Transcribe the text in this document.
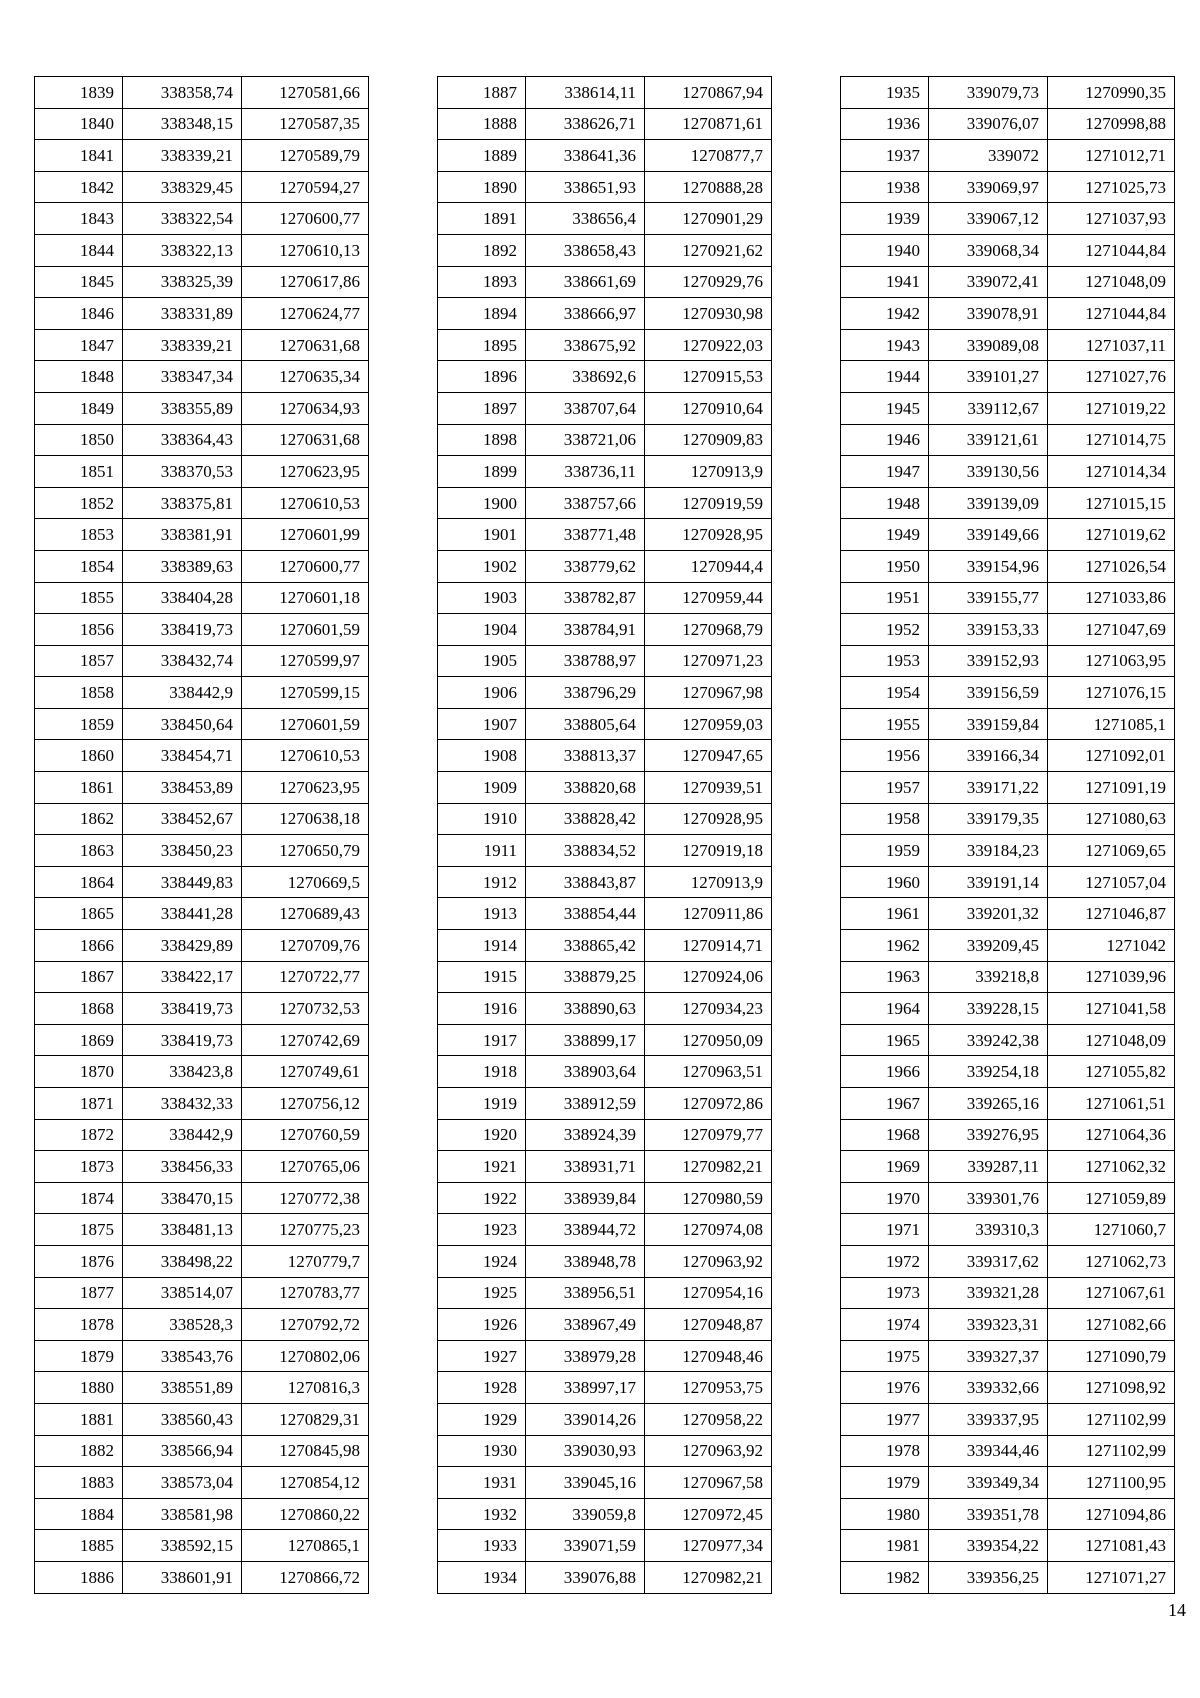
1839	338358,74	1270581,66
1840	338348,15	1270587,35
1841	338339,21	1270589,79
1842	338329,45	1270594,27
1843	338322,54	1270600,77
1844	338322,13	1270610,13
1845	338325,39	1270617,86
1846	338331,89	1270624,77
1847	338339,21	1270631,68
1848	338347,34	1270635,34
1849	338355,89	1270634,93
1850	338364,43	1270631,68
1851	338370,53	1270623,95
1852	338375,81	1270610,53
1853	338381,91	1270601,99
1854	338389,63	1270600,77
1855	338404,28	1270601,18
1856	338419,73	1270601,59
1857	338432,74	1270599,97
1858	338442,9	1270599,15
1859	338450,64	1270601,59
1860	338454,71	1270610,53
1861	338453,89	1270623,95
1862	338452,67	1270638,18
1863	338450,23	1270650,79
1864	338449,83	1270669,5
1865	338441,28	1270689,43
1866	338429,89	1270709,76
1867	338422,17	1270722,77
1868	338419,73	1270732,53
1869	338419,73	1270742,69
1870	338423,8	1270749,61
1871	338432,33	1270756,12
1872	338442,9	1270760,59
1873	338456,33	1270765,06
1874	338470,15	1270772,38
1875	338481,13	1270775,23
1876	338498,22	1270779,7
1877	338514,07	1270783,77
1878	338528,3	1270792,72
1879	338543,76	1270802,06
1880	338551,89	1270816,3
1881	338560,43	1270829,31
1882	338566,94	1270845,98
1883	338573,04	1270854,12
1884	338581,98	1270860,22
1885	338592,15	1270865,1
1886	338601,91	1270866,72
1887	338614,11	1270867,94
1888	338626,71	1270871,61
1889	338641,36	1270877,7
1890	338651,93	1270888,28
1891	338656,4	1270901,29
1892	338658,43	1270921,62
1893	338661,69	1270929,76
1894	338666,97	1270930,98
1895	338675,92	1270922,03
1896	338692,6	1270915,53
1897	338707,64	1270910,64
1898	338721,06	1270909,83
1899	338736,11	1270913,9
1900	338757,66	1270919,59
1901	338771,48	1270928,95
1902	338779,62	1270944,4
1903	338782,87	1270959,44
1904	338784,91	1270968,79
1905	338788,97	1270971,23
1906	338796,29	1270967,98
1907	338805,64	1270959,03
1908	338813,37	1270947,65
1909	338820,68	1270939,51
1910	338828,42	1270928,95
1911	338834,52	1270919,18
1912	338843,87	1270913,9
1913	338854,44	1270911,86
1914	338865,42	1270914,71
1915	338879,25	1270924,06
1916	338890,63	1270934,23
1917	338899,17	1270950,09
1918	338903,64	1270963,51
1919	338912,59	1270972,86
1920	338924,39	1270979,77
1921	338931,71	1270982,21
1922	338939,84	1270980,59
1923	338944,72	1270974,08
1924	338948,78	1270963,92
1925	338956,51	1270954,16
1926	338967,49	1270948,87
1927	338979,28	1270948,46
1928	338997,17	1270953,75
1929	339014,26	1270958,22
1930	339030,93	1270963,92
1931	339045,16	1270967,58
1932	339059,8	1270972,45
1933	339071,59	1270977,34
1934	339076,88	1270982,21
1935	339079,73	1270990,35
1936	339076,07	1270998,88
1937	339072	1271012,71
1938	339069,97	1271025,73
1939	339067,12	1271037,93
1940	339068,34	1271044,84
1941	339072,41	1271048,09
1942	339078,91	1271044,84
1943	339089,08	1271037,11
1944	339101,27	1271027,76
1945	339112,67	1271019,22
1946	339121,61	1271014,75
1947	339130,56	1271014,34
1948	339139,09	1271015,15
1949	339149,66	1271019,62
1950	339154,96	1271026,54
1951	339155,77	1271033,86
1952	339153,33	1271047,69
1953	339152,93	1271063,95
1954	339156,59	1271076,15
1955	339159,84	1271085,1
1956	339166,34	1271092,01
1957	339171,22	1271091,19
1958	339179,35	1271080,63
1959	339184,23	1271069,65
1960	339191,14	1271057,04
1961	339201,32	1271046,87
1962	339209,45	1271042
1963	339218,8	1271039,96
1964	339228,15	1271041,58
1965	339242,38	1271048,09
1966	339254,18	1271055,82
1967	339265,16	1271061,51
1968	339276,95	1271064,36
1969	339287,11	1271062,32
1970	339301,76	1271059,89
1971	339310,3	1271060,7
1972	339317,62	1271062,73
1973	339321,28	1271067,61
1974	339323,31	1271082,66
1975	339327,37	1271090,79
1976	339332,66	1271098,92
1977	339337,95	1271102,99
1978	339344,46	1271102,99
1979	339349,34	1271100,95
1980	339351,78	1271094,86
1981	339354,22	1271081,43
1982	339356,25	1271071,27
14
